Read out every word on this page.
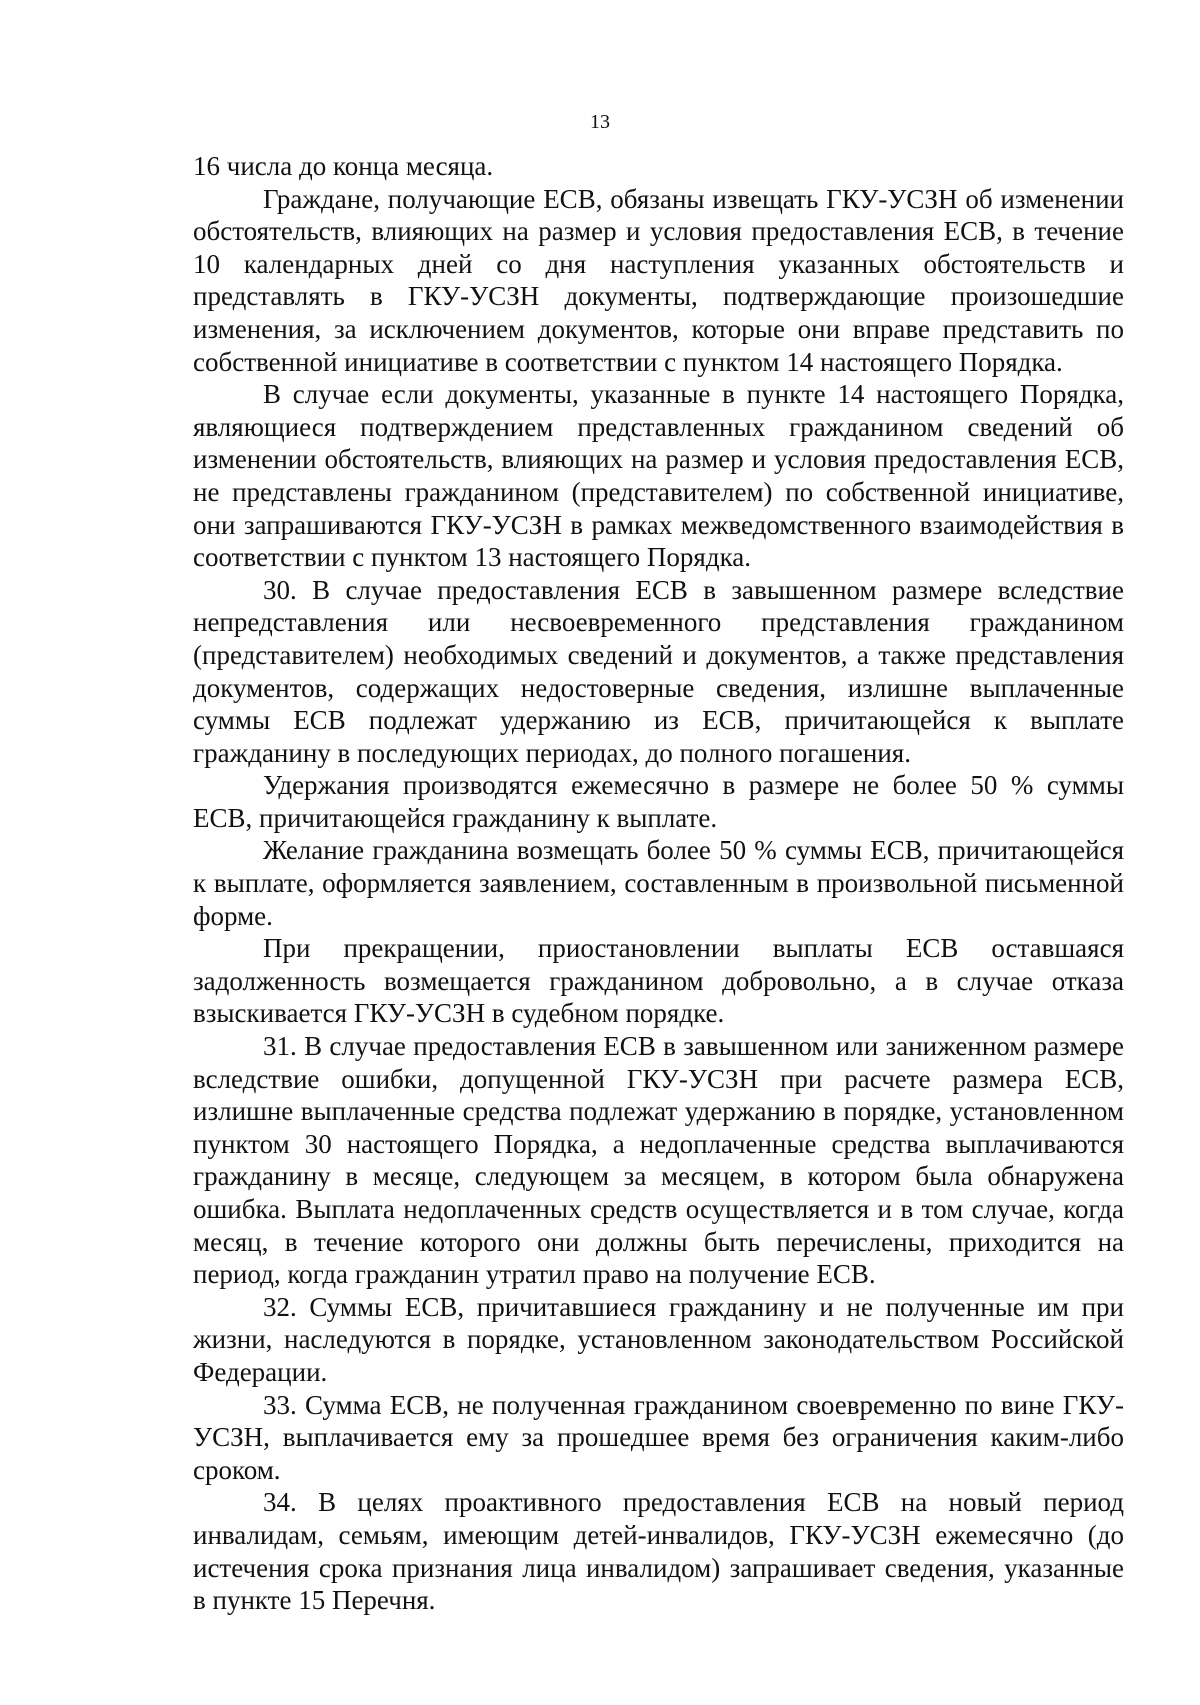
13

16 числа до конца месяца.

Граждане, получающие ЕСВ, обязаны извещать ГКУ-УСЗН об изменении обстоятельств, влияющих на размер и условия предоставления ЕСВ, в течение 10 календарных дней со дня наступления указанных обстоятельств и представлять в ГКУ-УСЗН документы, подтверждающие произошедшие изменения, за исключением документов, которые они вправе представить по собственной инициативе в соответствии с пунктом 14 настоящего Порядка.

В случае если документы, указанные в пункте 14 настоящего Порядка, являющиеся подтверждением представленных гражданином сведений об изменении обстоятельств, влияющих на размер и условия предоставления ЕСВ, не представлены гражданином (представителем) по собственной инициативе, они запрашиваются ГКУ-УСЗН в рамках межведомственного взаимодействия в соответствии с пунктом 13 настоящего Порядка.

30. В случае предоставления ЕСВ в завышенном размере вследствие непредставления или несвоевременного представления гражданином (представителем) необходимых сведений и документов, а также представления документов, содержащих недостоверные сведения, излишне выплаченные суммы ЕСВ подлежат удержанию из ЕСВ, причитающейся к выплате гражданину в последующих периодах, до полного погашения.

Удержания производятся ежемесячно в размере не более 50 % суммы ЕСВ, причитающейся гражданину к выплате.

Желание гражданина возмещать более 50 % суммы ЕСВ, причитающейся к выплате, оформляется заявлением, составленным в произвольной письменной форме.

При прекращении, приостановлении выплаты ЕСВ оставшаяся задолженность возмещается гражданином добровольно, а в случае отказа взыскивается ГКУ-УСЗН в судебном порядке.

31. В случае предоставления ЕСВ в завышенном или заниженном размере вследствие ошибки, допущенной ГКУ-УСЗН при расчете размера ЕСВ, излишне выплаченные средства подлежат удержанию в порядке, установленном пунктом 30 настоящего Порядка, а недоплаченные средства выплачиваются гражданину в месяце, следующем за месяцем, в котором была обнаружена ошибка. Выплата недоплаченных средств осуществляется и в том случае, когда месяц, в течение которого они должны быть перечислены, приходится на период, когда гражданин утратил право на получение ЕСВ.

32. Суммы ЕСВ, причитавшиеся гражданину и не полученные им при жизни, наследуются в порядке, установленном законодательством Российской Федерации.

33. Сумма ЕСВ, не полученная гражданином своевременно по вине ГКУ-УСЗН, выплачивается ему за прошедшее время без ограничения каким-либо сроком.

34. В целях проактивного предоставления ЕСВ на новый период инвалидам, семьям, имеющим детей-инвалидов, ГКУ-УСЗН ежемесячно (до истечения срока признания лица инвалидом) запрашивает сведения, указанные в пункте 15 Перечня.
